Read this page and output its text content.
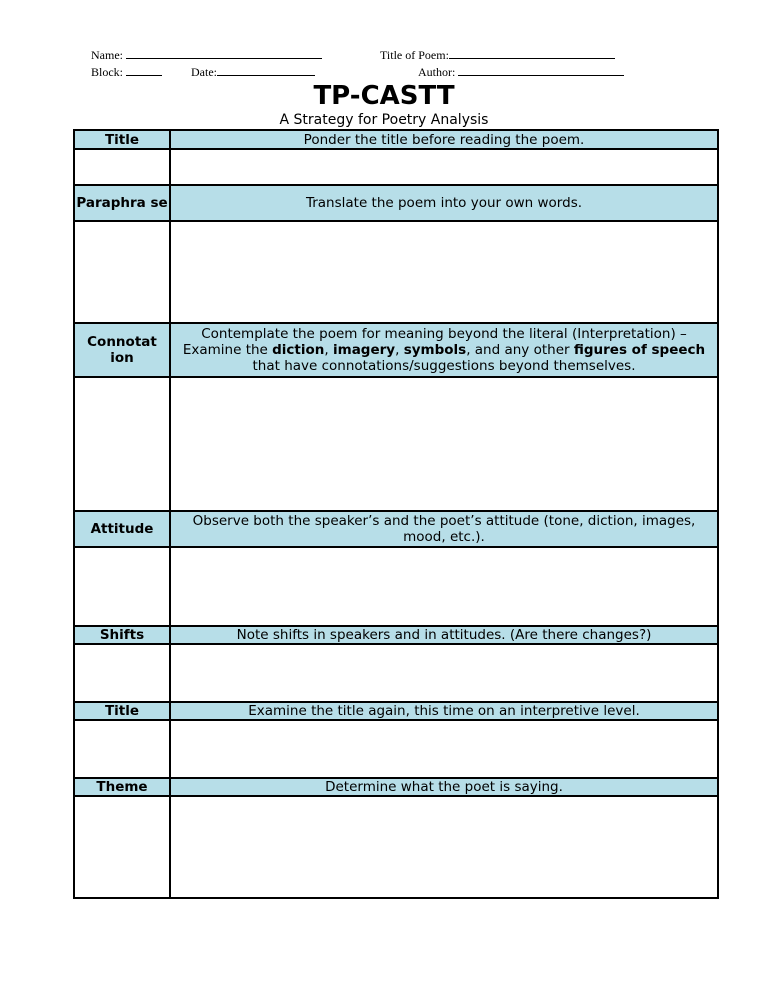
Name:	Title of Poem:
Block:	Date:	Author:
TP-CASTT
A Strategy for Poetry Analysis
Title	Ponder the title before reading the poem.

Paraphra se	Translate the poem into your own words.

Connotat ion	Contemplate the poem for meaning beyond the literal (Interpretation) – Examine the diction, imagery, symbols, and any other figures of speech that have connotations/suggestions beyond themselves.

Attitude	Observe both the speaker’s and the poet’s attitude (tone, diction, images, mood, etc.).

Shifts	Note shifts in speakers and in attitudes. (Are there changes?)

Title	Examine the title again, this time on an interpretive level.

Theme	Determine what the poet is saying.
